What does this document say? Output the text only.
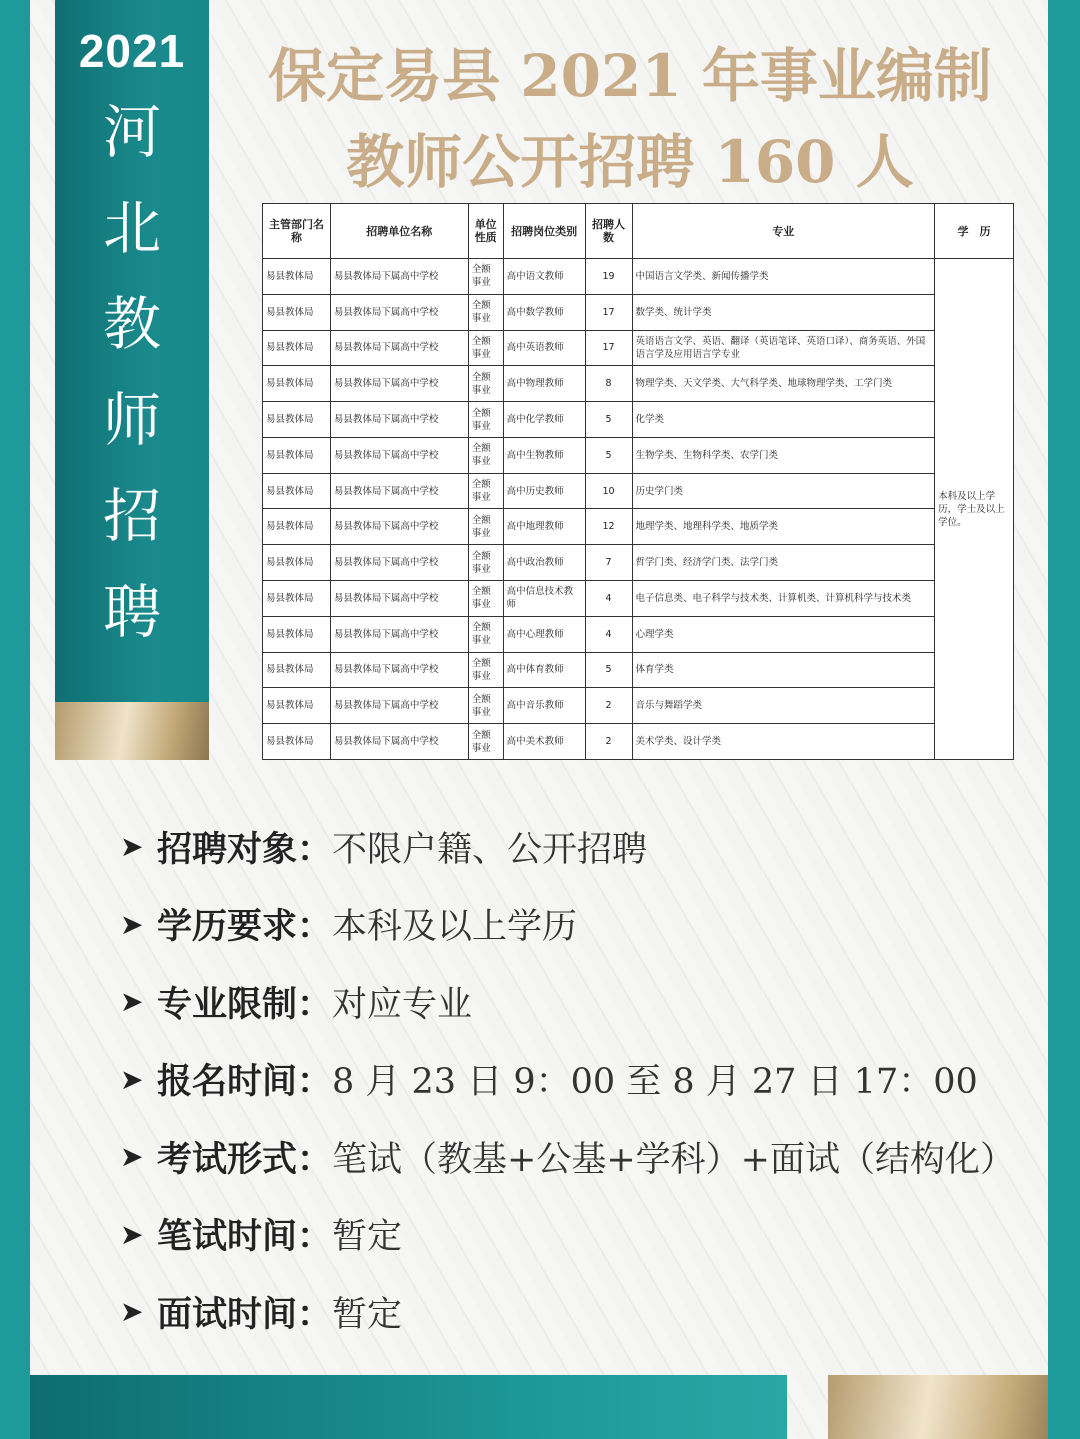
2021
河
北
教
师
招
聘
保定易县 2021 年事业编制
教师公开招聘 160 人
主管部门名称	招聘单位名称	单位性质	招聘岗位类别	招聘人数	专业	学　历
易县教体局	易县教体局下属高中学校	全额事业	高中语文教师	19	中国语言文学类、新闻传播学类	本科及以上学历，学士及以上学位。
易县教体局	易县教体局下属高中学校	全额事业	高中数学教师	17	数学类、统计学类	
易县教体局	易县教体局下属高中学校	全额事业	高中英语教师	17	英语语言文学、英语、翻译（英语笔译、英语口译）、商务英语、外国语言学及应用语言学专业	
易县教体局	易县教体局下属高中学校	全额事业	高中物理教师	8	物理学类、天文学类、大气科学类、地球物理学类、工学门类	
易县教体局	易县教体局下属高中学校	全额事业	高中化学教师	5	化学类	
易县教体局	易县教体局下属高中学校	全额事业	高中生物教师	5	生物学类、生物科学类、农学门类	
易县教体局	易县教体局下属高中学校	全额事业	高中历史教师	10	历史学门类	
易县教体局	易县教体局下属高中学校	全额事业	高中地理教师	12	地理学类、地理科学类、地质学类	
易县教体局	易县教体局下属高中学校	全额事业	高中政治教师	7	哲学门类、经济学门类、法学门类	
易县教体局	易县教体局下属高中学校	全额事业	高中信息技术教师	4	电子信息类、电子科学与技术类、计算机类、计算机科学与技术类	
易县教体局	易县教体局下属高中学校	全额事业	高中心理教师	4	心理学类	
易县教体局	易县教体局下属高中学校	全额事业	高中体育教师	5	体育学类	
易县教体局	易县教体局下属高中学校	全额事业	高中音乐教师	2	音乐与舞蹈学类	
易县教体局	易县教体局下属高中学校	全额事业	高中美术教师	2	美术学类、设计学类	
➤ 招聘对象： 不限户籍、公开招聘
➤ 学历要求： 本科及以上学历
➤ 专业限制： 对应专业
➤ 报名时间： 8 月 23 日 9：00 至 8 月 27 日 17：00
➤ 考试形式： 笔试（教基+公基+学科）+面试（结构化）
➤ 笔试时间： 暂定
➤ 面试时间： 暂定
